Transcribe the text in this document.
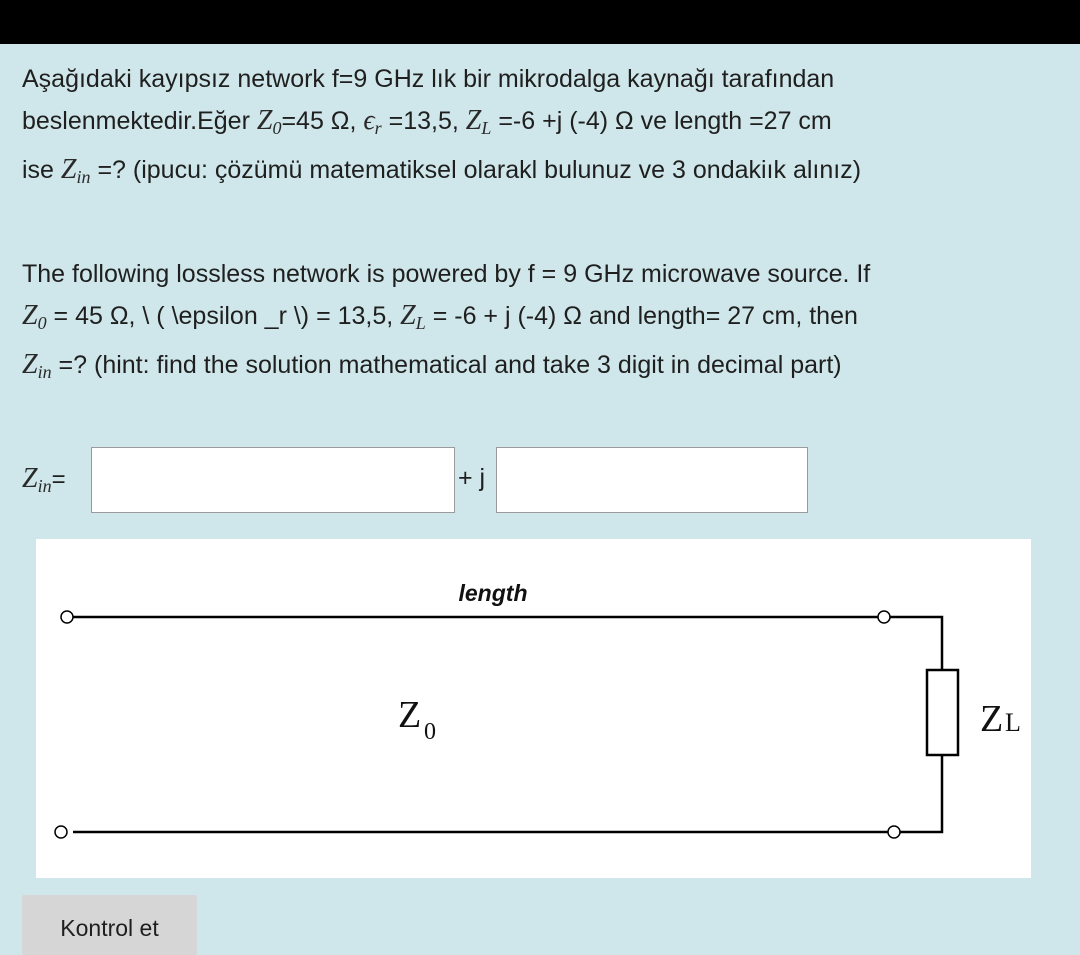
Aşağıdaki kayıpsız network f=9 GHz lık bir mikrodalga kaynağı tarafından
beslenmektedir.Eğer $Z_0=45$ Ω, $\epsilon_r =13,5$, $Z_L =-6 +j$ (-4) Ω ve length =27 cm
ise $Z_{in}$ =? (ipucu: çözümü matematiksel olarakl bulunuz ve 3 ondakiık alınız)
The following lossless network is powered by f = 9 GHz microwave source. If
$Z_0 = 45$ Ω, \ ( \epsilon _r \) = 13,5, $Z_L = -6 + j$ (-4) Ω and length= 27 cm, then
$Z_{in}$ =? (hint: find the solution mathematical and take 3 digit in decimal part)
$Z_{in}=$	+ j
length
Z 0	Z L
Kontrol et
